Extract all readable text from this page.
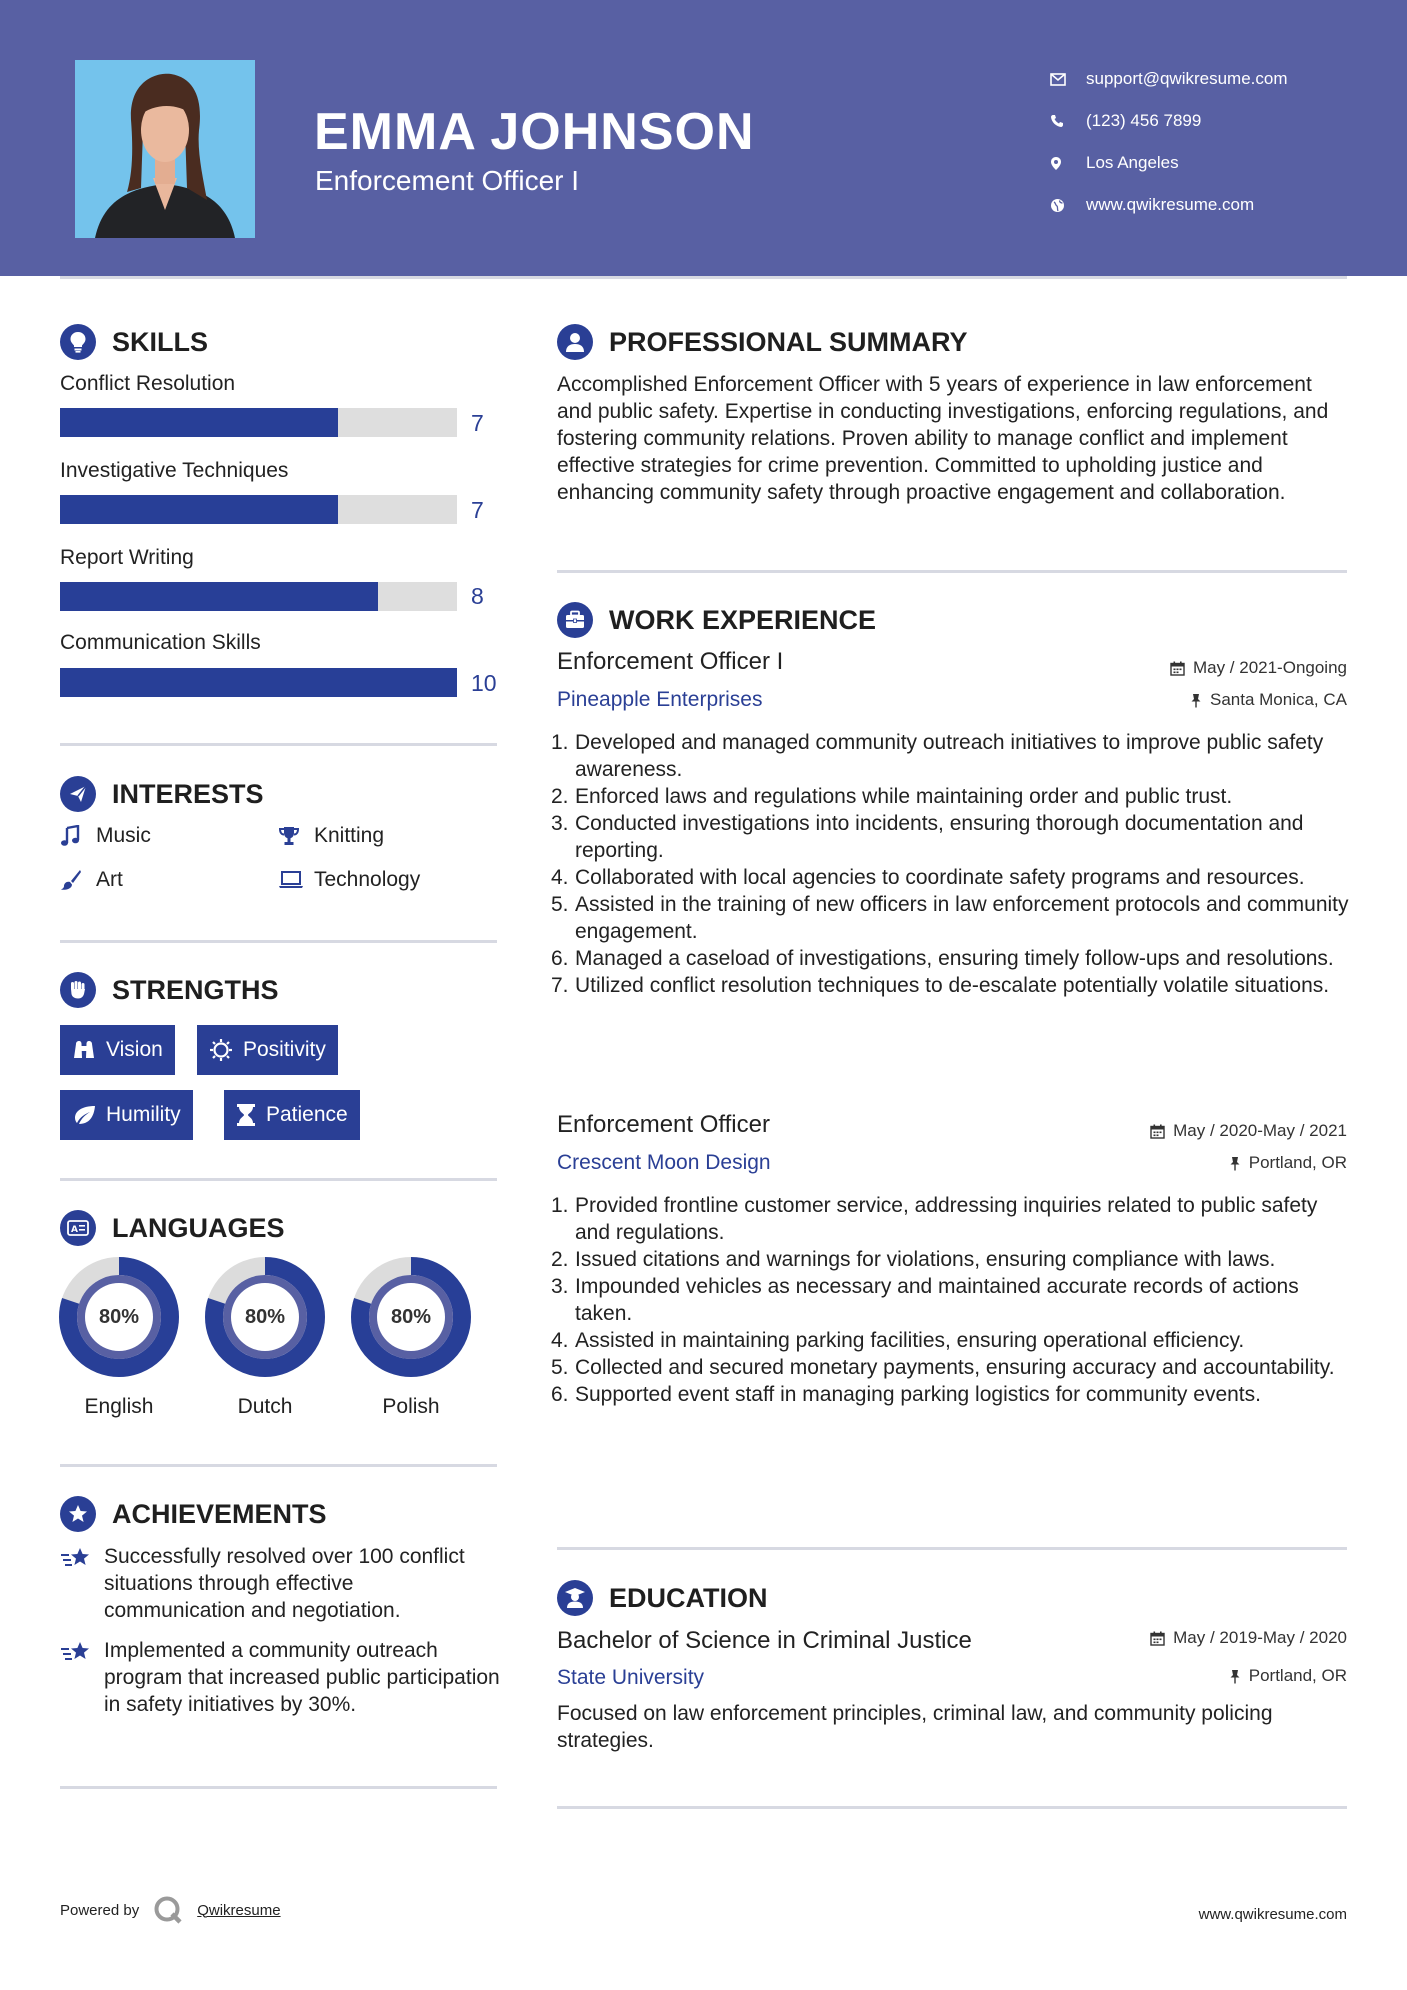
EMMA JOHNSON
Enforcement Officer I
support@qwikresume.com
(123) 456 7899
Los Angeles
www.qwikresume.com
SKILLS
Conflict Resolution
7
Investigative Techniques
7
Report Writing
8
Communication Skills
10
INTERESTS
Music	Knitting
Art	Technology
STRENGTHS
Vision	Positivity
Humility	Patience
A LANGUAGES
80%
English
80%
Dutch
80%
Polish
ACHIEVEMENTS
Successfully resolved over 100 conflict situations through effective communication and negotiation.
Implemented a community outreach program that increased public participation in safety initiatives by 30%.
PROFESSIONAL SUMMARY
Accomplished Enforcement Officer with 5 years of experience in law enforcement and public safety. Expertise in conducting investigations, enforcing regulations, and fostering community relations. Proven ability to manage conflict and implement effective strategies for crime prevention. Committed to upholding justice and enhancing community safety through proactive engagement and collaboration.
WORK EXPERIENCE
Enforcement Officer I	May / 2021-Ongoing
Pineapple Enterprises	Santa Monica, CA
1. Developed and managed community outreach initiatives to improve public safety awareness.
2. Enforced laws and regulations while maintaining order and public trust.
3. Conducted investigations into incidents, ensuring thorough documentation and reporting.
4. Collaborated with local agencies to coordinate safety programs and resources.
5. Assisted in the training of new officers in law enforcement protocols and community engagement.
6. Managed a caseload of investigations, ensuring timely follow-ups and resolutions.
7. Utilized conflict resolution techniques to de-escalate potentially volatile situations.
Enforcement Officer	May / 2020-May / 2021
Crescent Moon Design	Portland, OR
1. Provided frontline customer service, addressing inquiries related to public safety and regulations.
2. Issued citations and warnings for violations, ensuring compliance with laws.
3. Impounded vehicles as necessary and maintained accurate records of actions taken.
4. Assisted in maintaining parking facilities, ensuring operational efficiency.
5. Collected and secured monetary payments, ensuring accuracy and accountability.
6. Supported event staff in managing parking logistics for community events.
EDUCATION
Bachelor of Science in Criminal Justice	May / 2019-May / 2020
State University	Portland, OR
Focused on law enforcement principles, criminal law, and community policing strategies.
Powered by	Qwikresume	www.qwikresume.com
